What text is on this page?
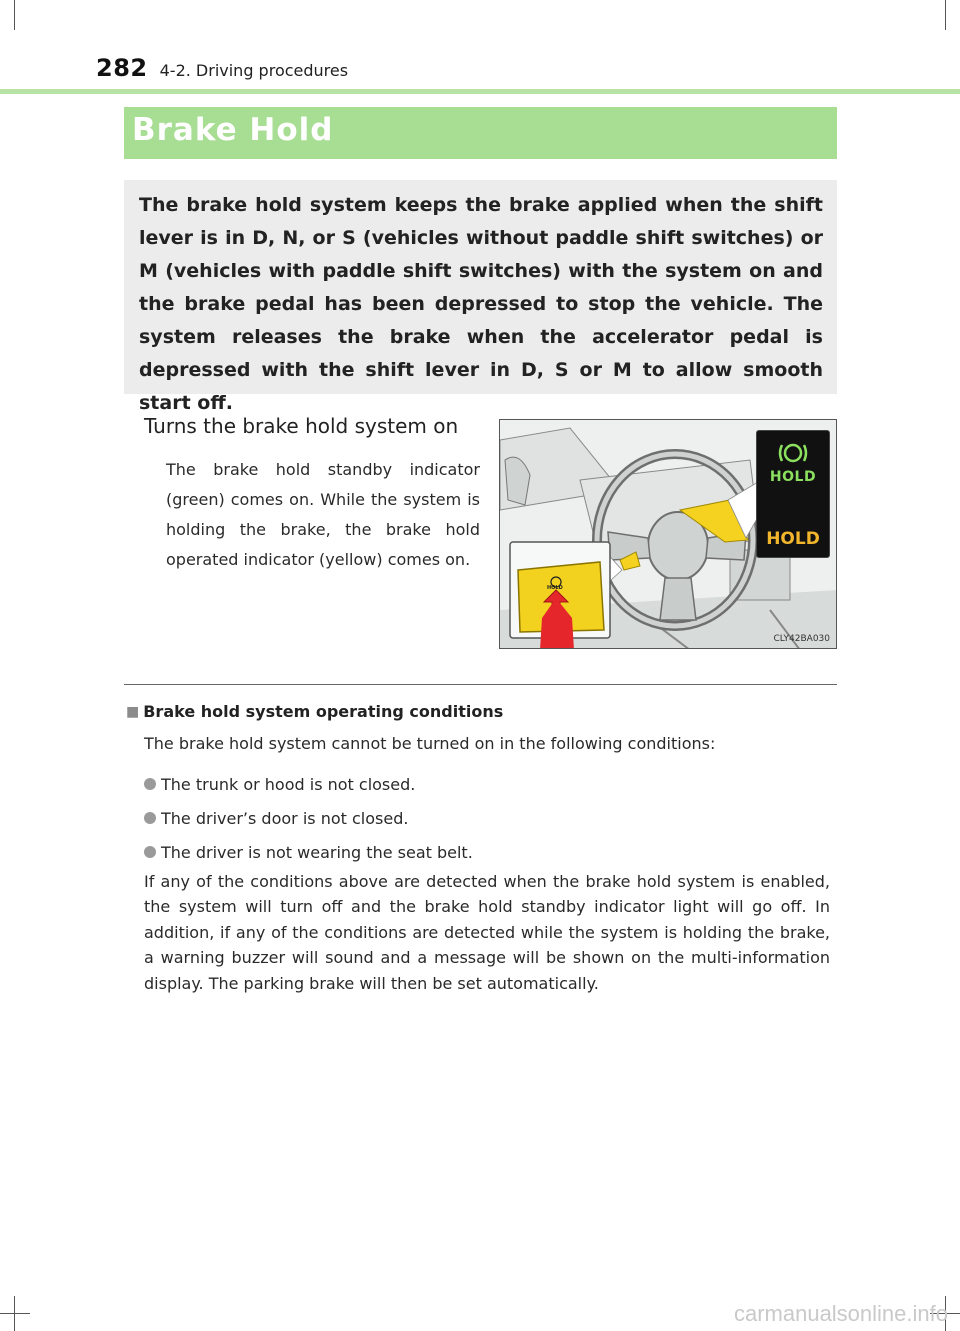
282 4-2. Driving procedures
Brake Hold

The brake hold system keeps the brake applied when the shift lever is in D, N, or S (vehicles without paddle shift switches) or M (vehicles with paddle shift switches) with the system on and the brake pedal has been depressed to stop the vehicle. The system releases the brake when the accelerator pedal is depressed with the shift lever in D, S or M to allow smooth start off.

Turns the brake hold system on

The brake hold standby indicator (green) comes on. While the system is holding the brake, the brake hold operated indicator (yellow) comes on.

HOLD
HOLD
HOLD
CLY42BA030
■ Brake hold system operating conditions
The brake hold system cannot be turned on in the following conditions:
The trunk or hood is not closed.
The driver’s door is not closed.
The driver is not wearing the seat belt.

If any of the conditions above are detected when the brake hold system is enabled, the system will turn off and the brake hold standby indicator light will go off. In addition, if any of the conditions are detected while the system is holding the brake, a warning buzzer will sound and a message will be shown on the multi-information display. The parking brake will then be set automatically.

carmanualsonline.info
